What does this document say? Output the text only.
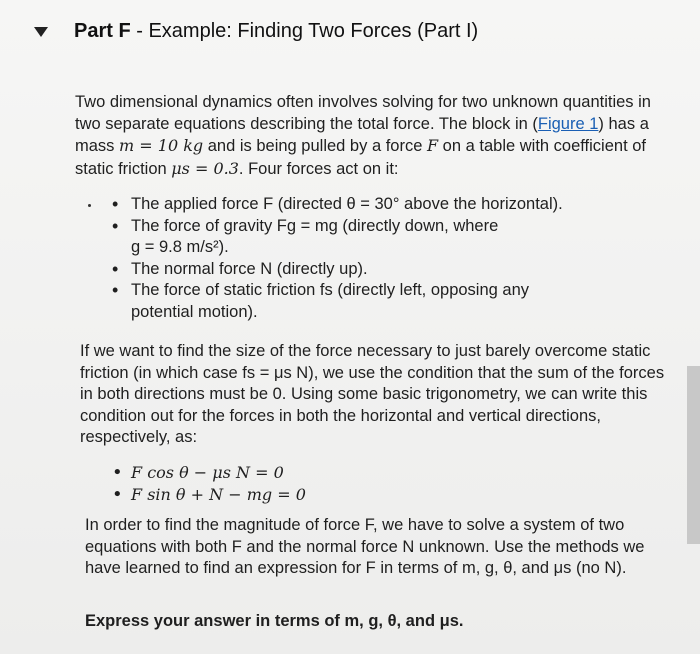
Part F - Example: Finding Two Forces (Part I)

Two dimensional dynamics often involves solving for two unknown quantities in two separate equations describing the total force. The block in (Figure 1) has a mass m = 10 kg and is being pulled by a force F on a table with coefficient of static friction μs = 0.3. Four forces act on it:

• The applied force F (directed θ = 30° above the horizontal).
• The force of gravity Fg = mg (directly down, where
g = 9.8 m/s²).
• The normal force N (directly up).
• The force of static friction fs (directly left, opposing any
potential motion).

If we want to find the size of the force necessary to just barely overcome static friction (in which case fs = μs N), we use the condition that the sum of the forces in both directions must be 0. Using some basic trigonometry, we can write this condition out for the forces in both the horizontal and vertical directions, respectively, as:

• F cos θ − μs N = 0
• F sin θ + N − mg = 0

In order to find the magnitude of force F, we have to solve a system of two equations with both F and the normal force N unknown. Use the methods we have learned to find an expression for F in terms of m, g, θ, and μs (no N).

Express your answer in terms of m, g, θ, and μs.
